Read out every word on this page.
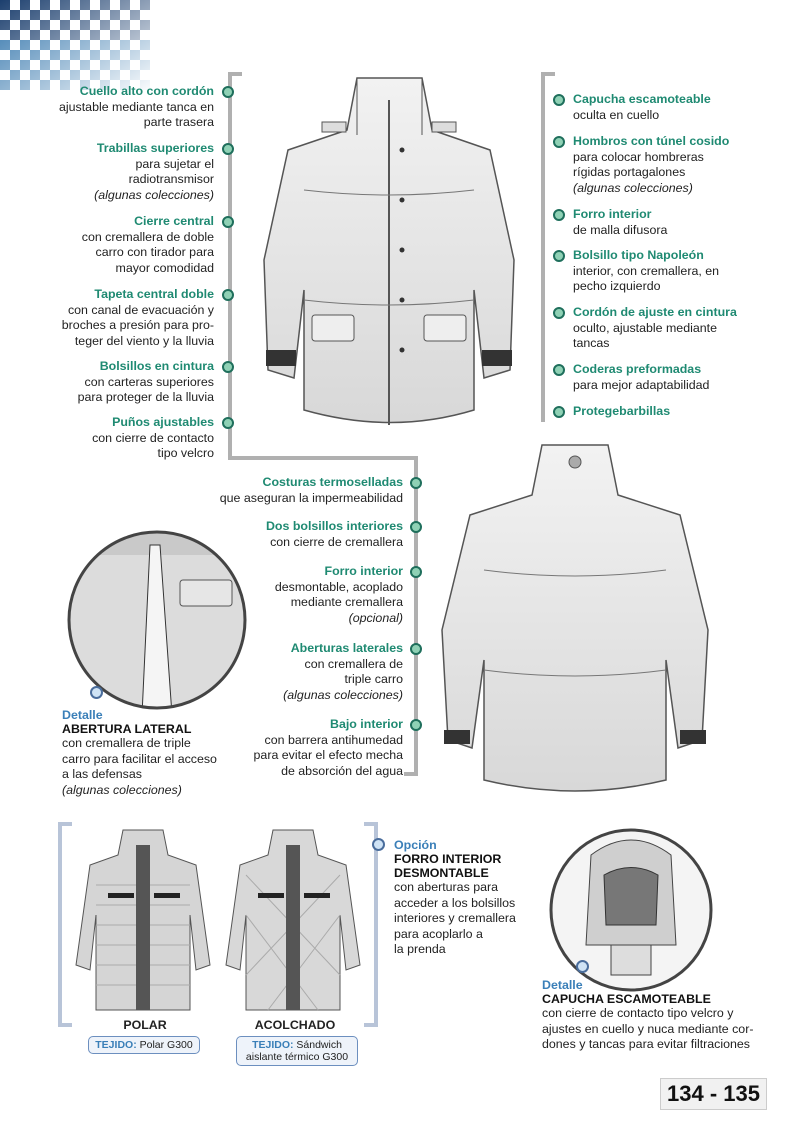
Cuello alto con cordón
ajustable mediante tanca en
parte trasera
Trabillas superiores
para sujetar el
radiotransmisor
(algunas colecciones)
Cierre central
con cremallera de doble
carro con tirador para
mayor comodidad
Tapeta central doble
con canal de evacuación y
broches a presión para pro-
teger del viento y la lluvia
Bolsillos en cintura
con carteras superiores
para proteger de la lluvia
Puños ajustables
con cierre de contacto
tipo velcro
Capucha escamoteable
oculta en cuello
Hombros con túnel cosido
para colocar hombreras
rígidas portagalones
(algunas colecciones)
Forro interior
de malla difusora
Bolsillo tipo Napoleón
interior, con cremallera, en
pecho izquierdo
Cordón de ajuste en cintura
oculto, ajustable mediante
tancas
Coderas preformadas
para mejor adaptabilidad
Protegebarbillas
Costuras termoselladas
que aseguran la impermeabilidad
Dos bolsillos interiores
con cierre de cremallera
Forro interior
desmontable, acoplado
mediante cremallera
(opcional)
Aberturas laterales
con cremallera de
triple carro
(algunas colecciones)
Bajo interior
con barrera antihumedad
para evitar el efecto mecha
de absorción del agua
Detalle
ABERTURA LATERAL
con cremallera de triple
carro para facilitar el acceso
a las defensas
(algunas colecciones)
POLAR
TEJIDO: Polar G300
ACOLCHADO
TEJIDO: Sándwich
aislante térmico G300
Opción
FORRO INTERIOR
DESMONTABLE
con aberturas para
acceder a los bolsillos
interiores y cremallera
para acoplarlo a
la prenda
Detalle
CAPUCHA ESCAMOTEABLE
con cierre de contacto tipo velcro y
ajustes en cuello y nuca mediante cor-
dones y tancas para evitar filtraciones
134 - 135
